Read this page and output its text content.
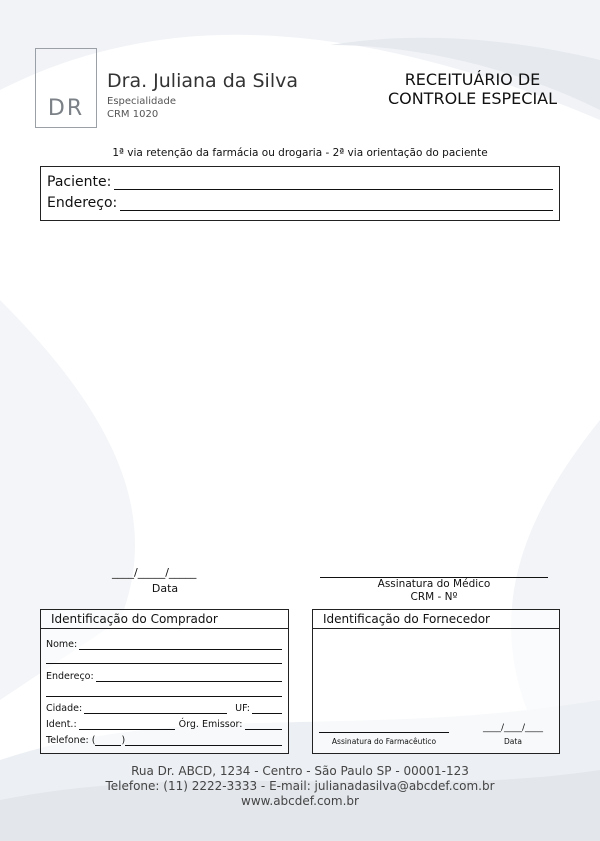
DR
Dra. Juliana da Silva
Especialidade
CRM 1020
RECEITUÁRIO DE
CONTROLE ESPECIAL
1ª via retenção da farmácia ou drogaria - 2ª via orientação do paciente
Paciente:
Endereço:
____/_____/_____
Data	Assinatura do Médico
CRM - Nº
Identificação do Comprador
Nome:
Endereço:
Cidade:	UF:
Ident.:	Órg. Emissor:
Telefone: (	)
Identificação do Fornecedor
Assinatura do Farmacêutico
____/____/____
Data
Rua Dr. ABCD, 1234 - Centro - São Paulo SP - 00001-123
Telefone: (11) 2222-3333 - E-mail: julianadasilva@abcdef.com.br
www.abcdef.com.br
